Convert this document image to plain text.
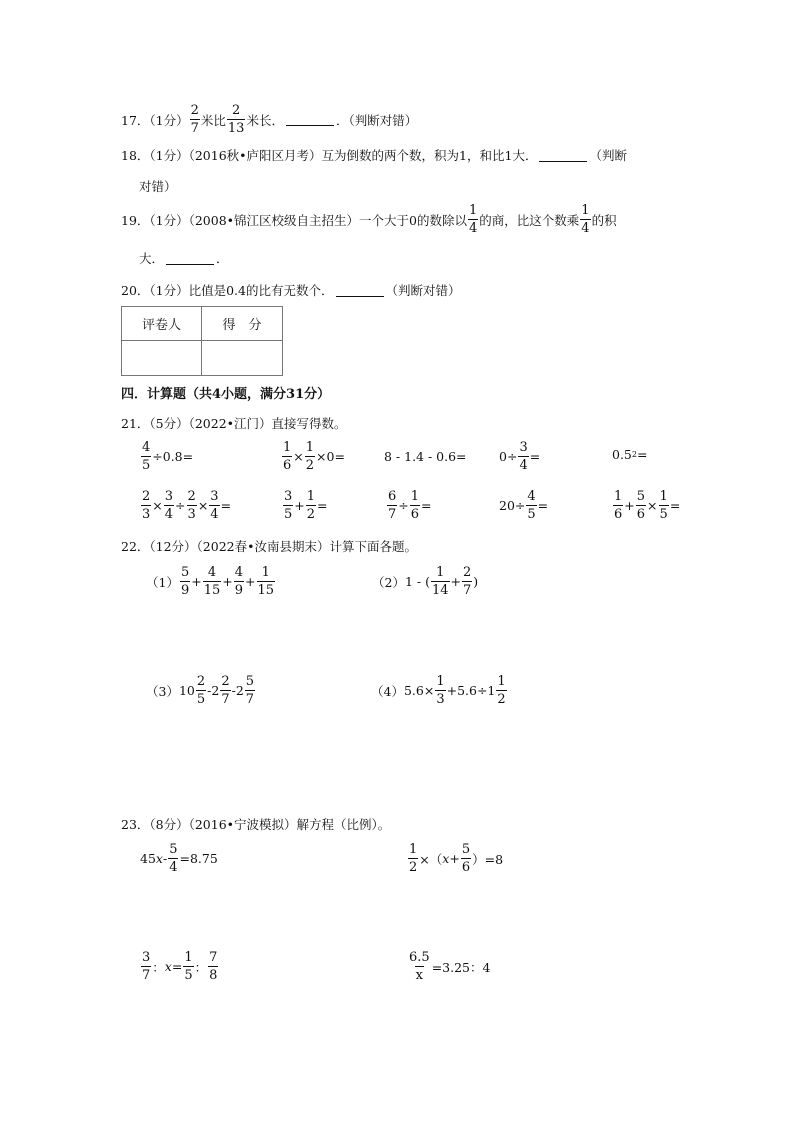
17．（1分） $\frac{2}{7}$ 米比 $\frac{2}{13}$ 米长．	．（判断对错）
18．（1分）（2016秋•庐阳区月考）互为倒数的两个数，积为1，和比1大．	（判断
对错）
19．（1分）（2008•锦江区校级自主招生）一个大于0的数除以 $\frac{1}{4}$ 的商，比这个数乘 $\frac{1}{4}$ 的积
大．	．
20．（1分）比值是0.4的比有无数个．	（判断对错）
评卷人	得　分
四．计算题（共4小题，满分31分）
21．（5分）（2022•江门）直接写得数。
$\frac{4}{5} \div 0.8=$	$\frac{1}{6} \times \frac{1}{2} \times 0=$	8 - 1.4 - 0.6=	$0\div \frac{3}{4}$ =	0.5 2 =
$\frac{2}{3} \times \frac{3}{4} \div \frac{2}{3} \times \frac{3}{4}$ =	$\frac{3}{5} + \frac{1}{2}$ =	$\frac{6}{7} \div \frac{1}{6}$ =	$20\div \frac{4}{5}$ =	$\frac{1}{6} + \frac{5}{6} \times \frac{1}{5}$ =
22．（12分）（2022春•汝南县期末）计算下面各题。
$(1) \frac{5}{9} + \frac{4}{15} + \frac{4}{9} + \frac{1}{15}$	（2） 1 - ( $\frac{1}{14} + \frac{2}{7}$ )
（3） $10 \frac{2}{5} - 2 \frac{2}{7} - 2 \frac{5}{7}$	（4） $5.6\times \frac{1}{3} +5.6\div 1 \frac{1}{2}$
23．（8分）（2016•宁波模拟）解方程（比例）。
45 $x - \frac{5}{4} =8.75$	$\frac{1}{2}$ ×（ $x + \frac{5}{6} )=8$
$\frac{3}{7}$ ： $x = \frac{1}{5}$ ： $\frac{7}{8}$	$\frac{6.5}{x} =3.25$：4
